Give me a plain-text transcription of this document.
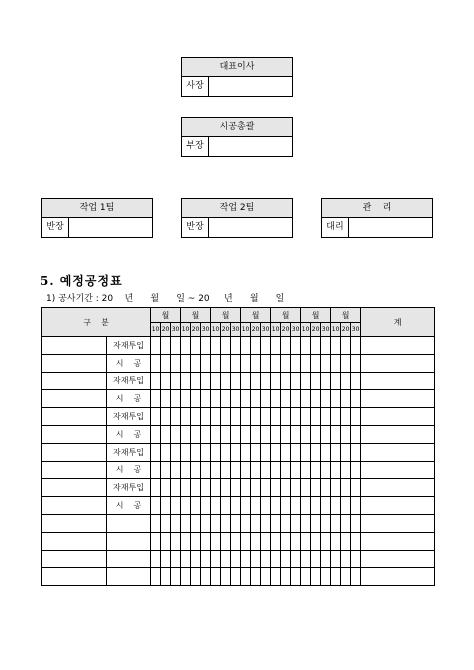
대표이사
사장
시공총괄
부장
작업 1팀
반장
작업 2팀
반장
관    리
대리
5. 예정공정표
1) 공사기간 : 20    년      월      일 ~ 20     년      월      일
구    분		월			월			월			월			월			월			월			계
		10	20	30	10	20	30	10	20	30	10	20	30	10	20	30	10	20	30	10	20	30	
	자재투입																						
	시    공																						
	자재투입																						
	시    공																						
	자재투입																						
	시    공																						
	자재투입																						
	시    공																						
	자재투입																						
	시    공																						
